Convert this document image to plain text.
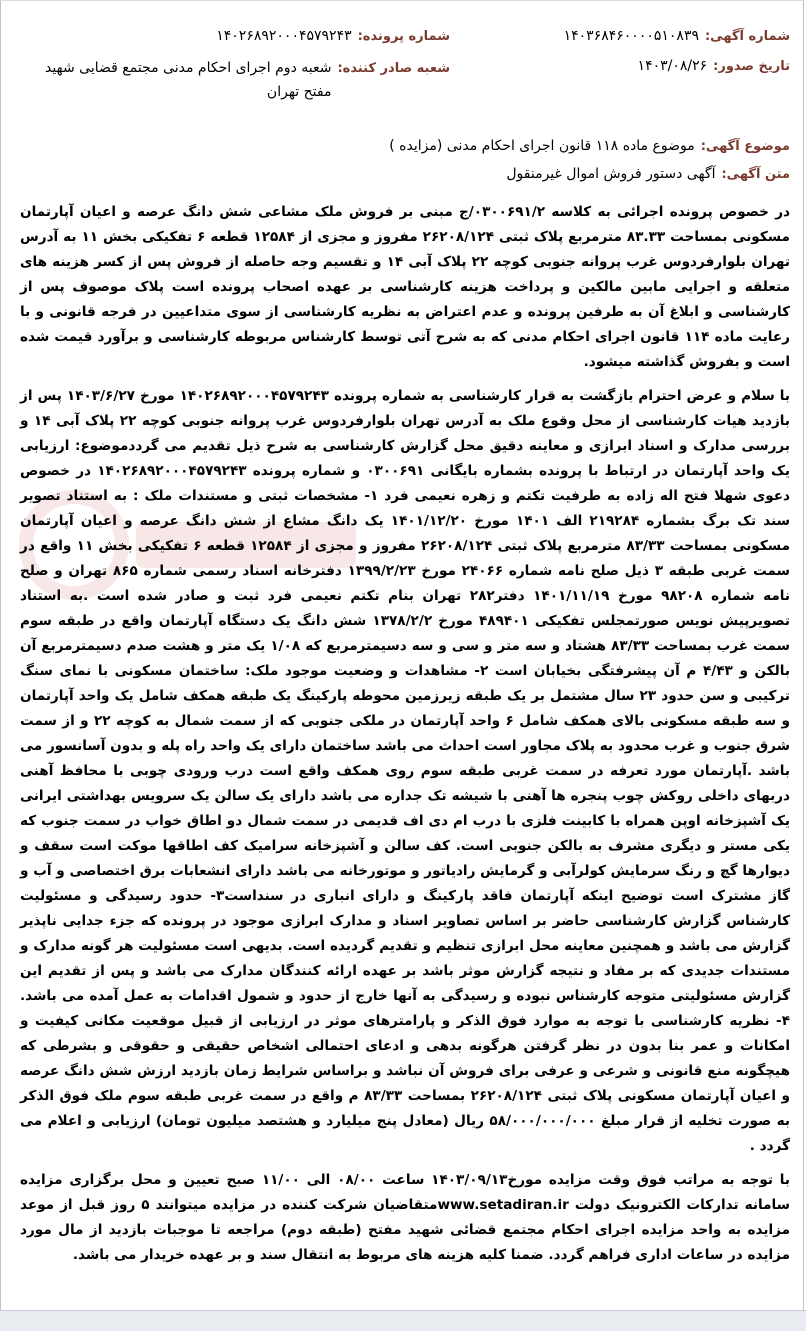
شماره آگهی:
۱۴۰۳۶۸۴۶۰۰۰۰۵۱۰۸۳۹
تاریخ صدور:
۱۴۰۳/۰۸/۲۶
شماره پرونده:
۱۴۰۲۶۸۹۲۰۰۰۴۵۷۹۲۴۳
شعبه صادر کننده:
شعبه دوم اجرای احکام مدنی مجتمع قضایی شهید مفتح تهران
موضوع آگهی:
موضوع ماده ۱۱۸ قانون اجرای احکام مدنی (مزایده )
متن آگهی:
آگهی دستور فروش اموال غیرمنقول

در خصوص پرونده اجرائی به کلاسه ۰۳۰۰۶۹۱/۲/ج مبنی بر فروش ملک مشاعی شش دانگ عرصه و اعیان آپارتمان مسکونی بمساحت ۸۳.۳۳ مترمربع پلاک ثبتی ۲۶۲۰۸/۱۲۴ مفروز و مجزی از ۱۲۵۸۴ قطعه ۶ تفکیکی بخش ۱۱ به آدرس تهران بلوارفردوس غرب پروانه جنوبی کوچه ۲۲ پلاک آبی ۱۴ و تقسیم وجه حاصله از فروش پس از کسر هزینه های متعلقه و اجرایی مابین مالکین و پرداخت هزینه کارشناسی بر عهده اصحاب پرونده است پلاک موصوف پس از کارشناسی و ابلاغ آن به طرفین پرونده و عدم اعتراض به نظریه کارشناسی از سوی متداعیین در فرجه قانونی و با رعایت ماده ۱۱۴ قانون اجرای احکام مدنی که به شرح آتی توسط کارشناس مربوطه کارشناسی و برآورد قیمت شده است و بفروش گذاشته میشود.

با سلام و عرض احترام بازگشت به قرار کارشناسی به شماره پرونده ۱۴۰۲۶۸۹۲۰۰۰۴۵۷۹۲۴۳ مورخ ۱۴۰۳/۶/۲۷ پس از بازدید هیات کارشناسی از محل وقوع ملک به آدرس تهران بلوارفردوس غرب پروانه جنوبی کوچه ۲۲ پلاک آبی ۱۴ و بررسی مدارک و اسناد ابرازی و معاینه دقیق محل گزارش کارشناسی به شرح ذیل تقدیم می گرددموضوع: ارزیابی یک واحد آپارتمان در ارتباط با پرونده بشماره بایگانی ۰۳۰۰۶۹۱ و شماره پرونده ۱۴۰۲۶۸۹۲۰۰۰۴۵۷۹۲۴۳ در خصوص دعوی شهلا فتح اله زاده به طرفیت تکتم و زهره نعیمی فرد ۱- مشخصات ثبتی و مستندات ملک : به استناد تصویر سند تک برگ بشماره ۲۱۹۲۸۴ الف ۱۴۰۱ مورخ ۱۴۰۱/۱۲/۲۰ یک دانگ مشاع از شش دانگ عرصه و اعیان آپارتمان مسکونی بمساحت ۸۳/۳۳ مترمربع پلاک ثبتی ۲۶۲۰۸/۱۲۴ مفروز و مجزی از ۱۲۵۸۴ قطعه ۶ تفکیکی بخش ۱۱ واقع در سمت غربی طبقه ۳ ذیل صلح نامه شماره ۲۴۰۶۶ مورخ ۱۳۹۹/۲/۲۳ دفترخانه اسناد رسمی شماره ۸۶۵ تهران و صلح نامه شماره ۹۸۲۰۸ مورخ ۱۴۰۱/۱۱/۱۹ دفتر۲۸۲ تهران بنام تکتم نعیمی فرد ثبت و صادر شده است .به استناد تصویرپیش نویس صورتمجلس تفکیکی ۴۸۹۴۰۱ مورخ ۱۳۷۸/۲/۲ شش دانگ یک دستگاه آپارتمان واقع در طبقه سوم سمت غرب بمساحت ۸۳/۳۳ هشتاد و سه متر و سی و سه دسیمترمربع که ۱/۰۸ یک متر و هشت صدم دسیمترمربع آن بالکن و ۴/۴۳ م آن پیشرفتگی بخیابان است ۲- مشاهدات و وضعیت موجود ملک: ساختمان مسکونی با نمای سنگ ترکیبی و سن حدود ۲۳ سال مشتمل بر یک طبقه زیرزمین محوطه پارکینگ یک طبقه همکف شامل یک واحد آپارتمان و سه طبقه مسکونی بالای همکف شامل ۶ واحد آپارتمان در ملکی جنوبی که از سمت شمال به کوچه ۲۲ و از سمت شرق جنوب و غرب محدود به پلاک مجاور است احداث می باشد ساختمان دارای یک واحد راه پله و بدون آسانسور می باشد .آپارتمان مورد تعرفه در سمت غربی طبقه سوم روی همکف واقع است درب ورودی چوبی با محافظ آهنی دربهای داخلی روکش چوب پنجره ها آهنی با شیشه تک جداره می باشد دارای یک سالن یک سرویس بهداشتی ایرانی یک آشپزخانه اوپن همراه با کابینت فلزی با درب ام دی اف قدیمی در سمت شمال دو اطاق خواب در سمت جنوب که یکی مستر و دیگری مشرف به بالکن جنوبی است. کف سالن و آشپزخانه سرامیک کف اطاقها موکت است سقف و دیوارها گچ و رنگ سرمایش کولرآبی و گرمایش رادیاتور و موتورخانه می باشد دارای انشعابات برق اختصاصی و آب و گاز مشترک است توضیح اینکه آپارتمان فاقد پارکینگ و دارای انباری در سنداست۳- حدود رسیدگی و مسئولیت کارشناس گزارش کارشناسی حاضر بر اساس تصاویر اسناد و مدارک ابرازی موجود در پرونده که جزء جدایی ناپذیر گزارش می باشد و همچنین معاینه محل ابرازی تنظیم و تقدیم گردیده است. بدیهی است مسئولیت هر گونه مدارک و مستندات جدیدی که بر مفاد و نتیجه گزارش موثر باشد بر عهده ارائه کنندگان مدارک می باشد و پس از تقدیم این گزارش مسئولیتی متوجه کارشناس نبوده و رسیدگی به آنها خارج از حدود و شمول اقدامات به عمل آمده می باشد. ۴- نظریه کارشناسی با توجه به موارد فوق الذکر و پارامترهای موثر در ارزیابی از قبیل موقعیت مکانی کیفیت و امکانات و عمر بنا بدون در نظر گرفتن هرگونه بدهی و ادعای احتمالی اشخاص حقیقی و حقوقی و بشرطی که هیچگونه منع قانونی و شرعی و عرفی برای فروش آن نباشد و براساس شرایط زمان بازدید ارزش شش دانگ عرصه و اعیان آپارتمان مسکونی پلاک ثبتی ۲۶۲۰۸/۱۲۴ بمساحت ۸۳/۳۳ م واقع در سمت غربی طبقه سوم ملک فوق الذکر به صورت تخلیه از قرار مبلغ ۵۸/۰۰۰/۰۰۰/۰۰۰ ریال (معادل پنج میلیارد و هشتصد میلیون تومان) ارزیابی و اعلام می گردد .

با توجه به مراتب فوق وقت مزایده مورخ۱۴۰۳/۰۹/۱۳ ساعت ۰۸/۰۰ الی ۱۱/۰۰ صبح تعیین و محل برگزاری مزایده سامانه تدارکات الکترونیک دولت www.setadiran.irمتقاضیان شرکت کننده در مزایده میتوانند ۵ روز قبل از موعد مزایده به واحد مزایده اجرای احکام مجتمع قضائی شهید مفتح (طبقه دوم) مراجعه تا موجبات بازدید از مال مورد مزایده در ساعات اداری فراهم گردد. ضمنا کلیه هزینه های مربوط به انتقال سند و بر عهده خریدار می باشد.
